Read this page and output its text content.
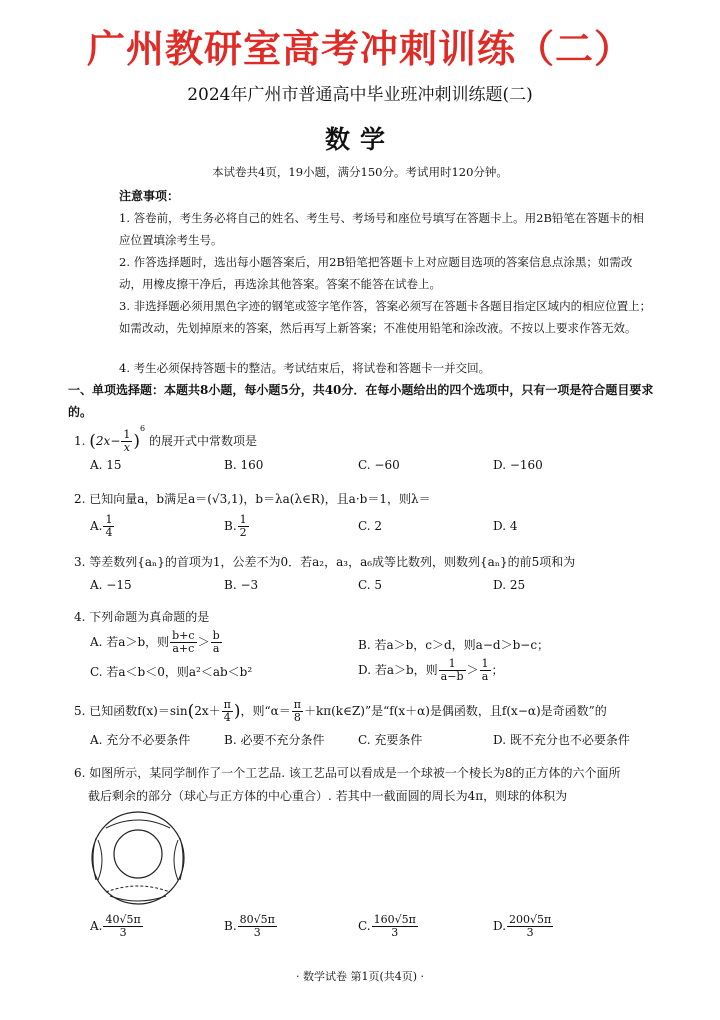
广州教研室高考冲刺训练（二）
2024年广州市普通高中毕业班冲刺训练题(二)
数学
本试卷共4页，19小题，满分150分。考试用时120分钟。
注意事项：
1. 答卷前，考生务必将自己的姓名、考生号、考场号和座位号填写在答题卡上。用2B铅笔在答题卡的相应位置填涂考生号。
2. 作答选择题时，选出每小题答案后，用2B铅笔把答题卡上对应题目选项的答案信息点涂黑；如需改动，用橡皮擦干净后，再选涂其他答案。答案不能答在试卷上。
3. 非选择题必须用黑色字迹的钢笔或签字笔作答，答案必须写在答题卡各题目指定区域内的相应位置上；如需改动，先划掉原来的答案，然后再写上新答案；不准使用铅笔和涂改液。不按以上要求作答无效。
4. 考生必须保持答题卡的整洁。考试结束后，将试卷和答题卡一并交回。
一、单项选择题：本题共8小题，每小题5分，共40分．在每小题给出的四个选项中，只有一项是符合题目要求的。
1. $(2x- \frac{1}{x} )^6$ 的展开式中常数项是
A. 15	B. 160	C. −60	D. −160
2. 已知向量a，b满足a＝(√3,1)，b＝λa(λ∈R)，且a·b＝1，则λ＝
A. $\frac{1}{4}$	B. $\frac{1}{2}$	C. 2	D. 4
3. 等差数列{aₙ}的首项为1，公差不为0．若a₂，a₃，a₆成等比数列，则数列{aₙ}的前5项和为
A. −15	B. −3	C. 5	D. 25
4. 下列命题为真命题的是
A. 若a＞b，则 $\frac{b+c}{a+c} > \frac{b}{a}$	B. 若a＞b，c＞d，则a−d＞b−c；
C. 若a＜b＜0，则a²＜ab＜b²	D. 若a＞b，则 $\frac{1}{a-b} > \frac{1}{a}$ ；
5. 已知函数$f(x)=\sin(2x+ \frac{\pi}{4}$ )，则“$\alpha= \frac{\pi}{8}$ ＋kπ(k∈Z)”是“f(x＋α)是偶函数，且f(x−α)是奇函数”的
A. 充分不必要条件	B. 必要不充分条件	C. 充要条件	D. 既不充分也不必要条件
6. 如图所示，某同学制作了一个工艺品. 该工艺品可以看成是一个球被一个棱长为8的正方体的六个面所
截后剩余的部分（球心与正方体的中心重合）. 若其中一截面圆的周长为4π，则球的体积为
A. $\frac{40√5\pi}{3}$	B. $\frac{80√5\pi}{3}$	C. $\frac{160√5\pi}{3}$	D. $\frac{200√5\pi}{3}$
· 数学试卷 第1页(共4页) ·
